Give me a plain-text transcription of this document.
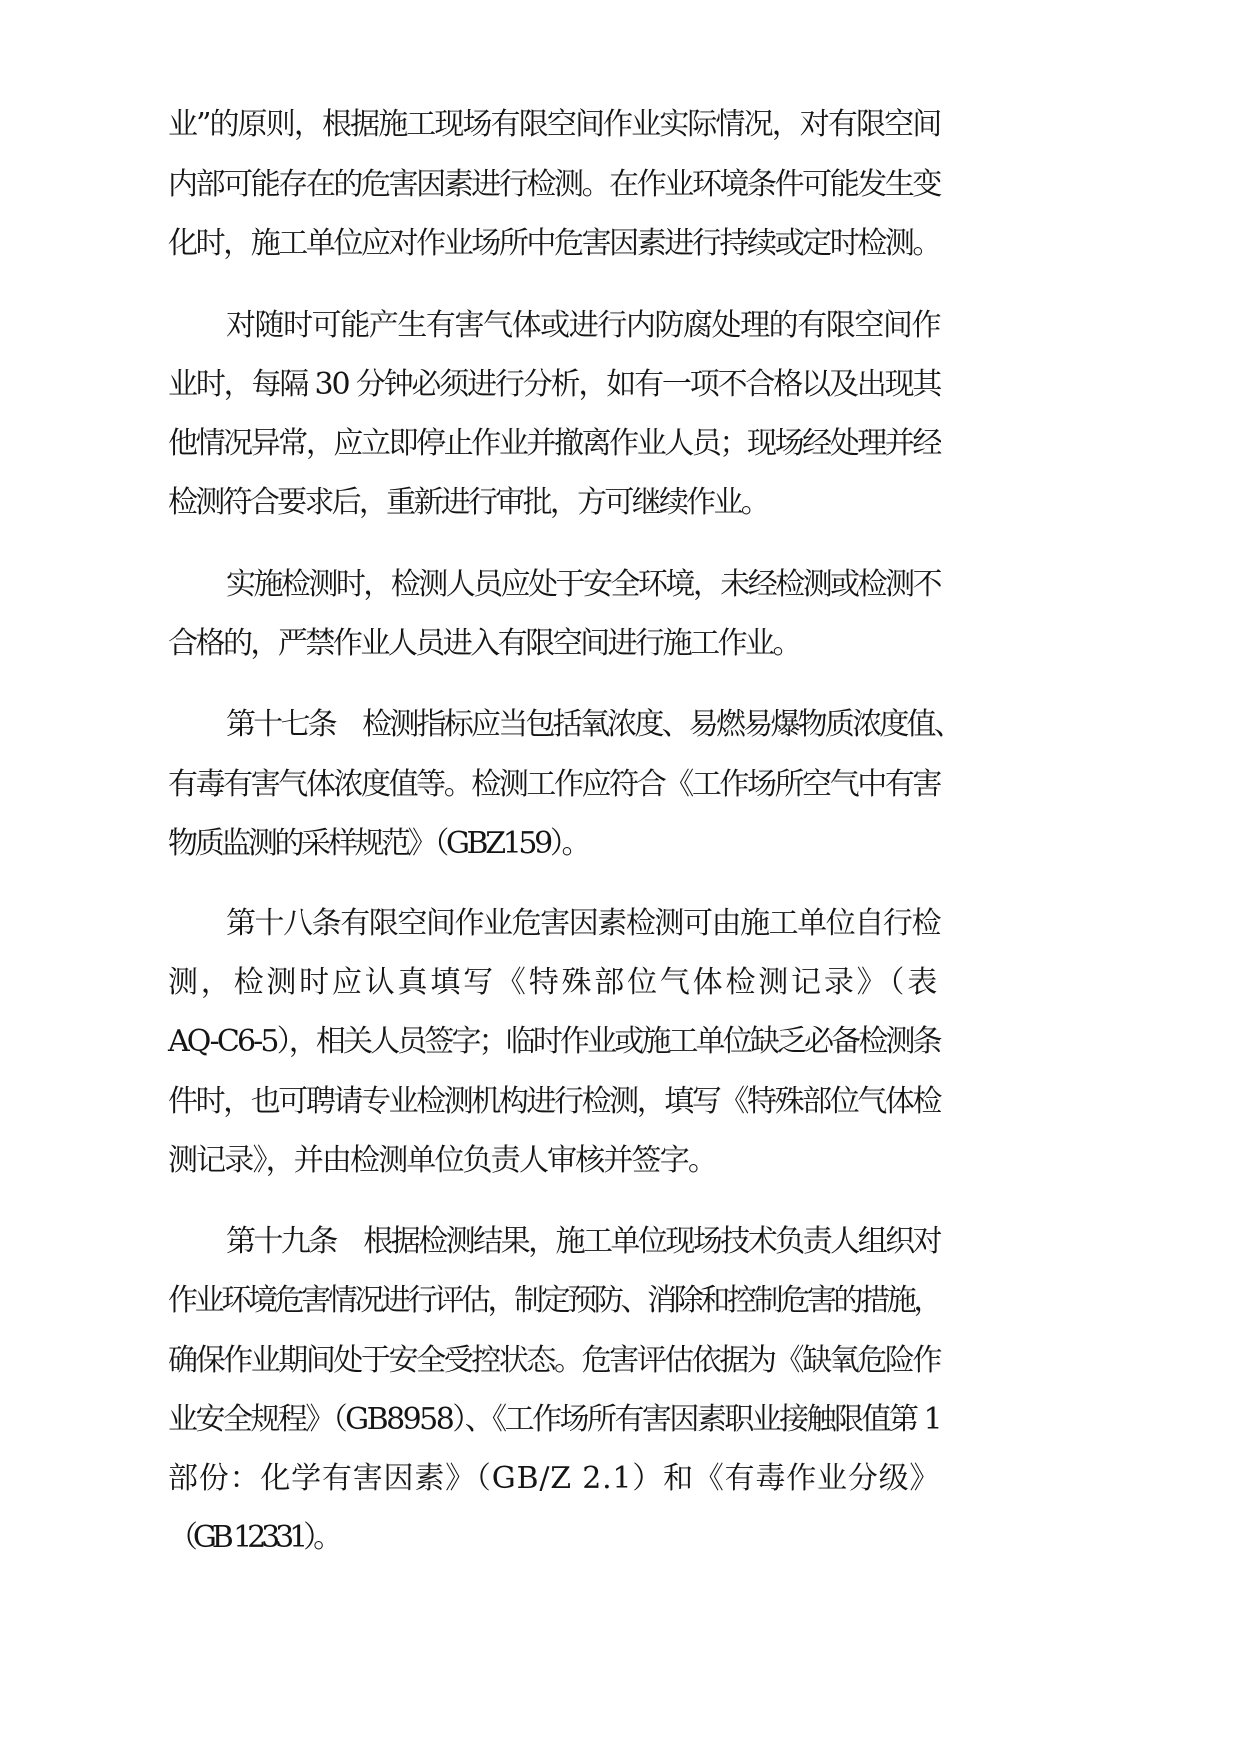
业”的原则，根据施工现场有限空间作业实际情况，对有限空间
内部可能存在的危害因素进行检测。在作业环境条件可能发生变
化时，施工单位应对作业场所中危害因素进行持续或定时检测。
对随时可能产生有害气体或进行内防腐处理的有限空间作
业时，每隔 30 分钟必须进行分析，如有一项不合格以及出现其
他情况异常，应立即停止作业并撤离作业人员；现场经处理并经
检测符合要求后，重新进行审批，方可继续作业。
实施检测时，检测人员应处于安全环境，未经检测或检测不
合格的，严禁作业人员进入有限空间进行施工作业。
第十七条　检测指标应当包括氧浓度、易燃易爆物质浓度值、
有毒有害气体浓度值等。检测工作应符合《工作场所空气中有害
物质监测的采样规范》（GBZ159）。
第十八条有限空间作业危害因素检测可由施工单位自行检
测，检测时应认真填写《特殊部位气体检测记录》（表
AQ-C6-5），相关人员签字；临时作业或施工单位缺乏必备检测条
件时，也可聘请专业检测机构进行检测，填写《特殊部位气体检
测记录》，并由检测单位负责人审核并签字。
第十九条　根据检测结果，施工单位现场技术负责人组织对
作业环境危害情况进行评估，制定预防、消除和控制危害的措施，
确保作业期间处于安全受控状态。危害评估依据为《缺氧危险作
业安全规程》（GB8958）、《工作场所有害因素职业接触限值第 1
部份：化学有害因素》（GB/Z 2.1）和《有毒作业分级》
（GB 12331）。
